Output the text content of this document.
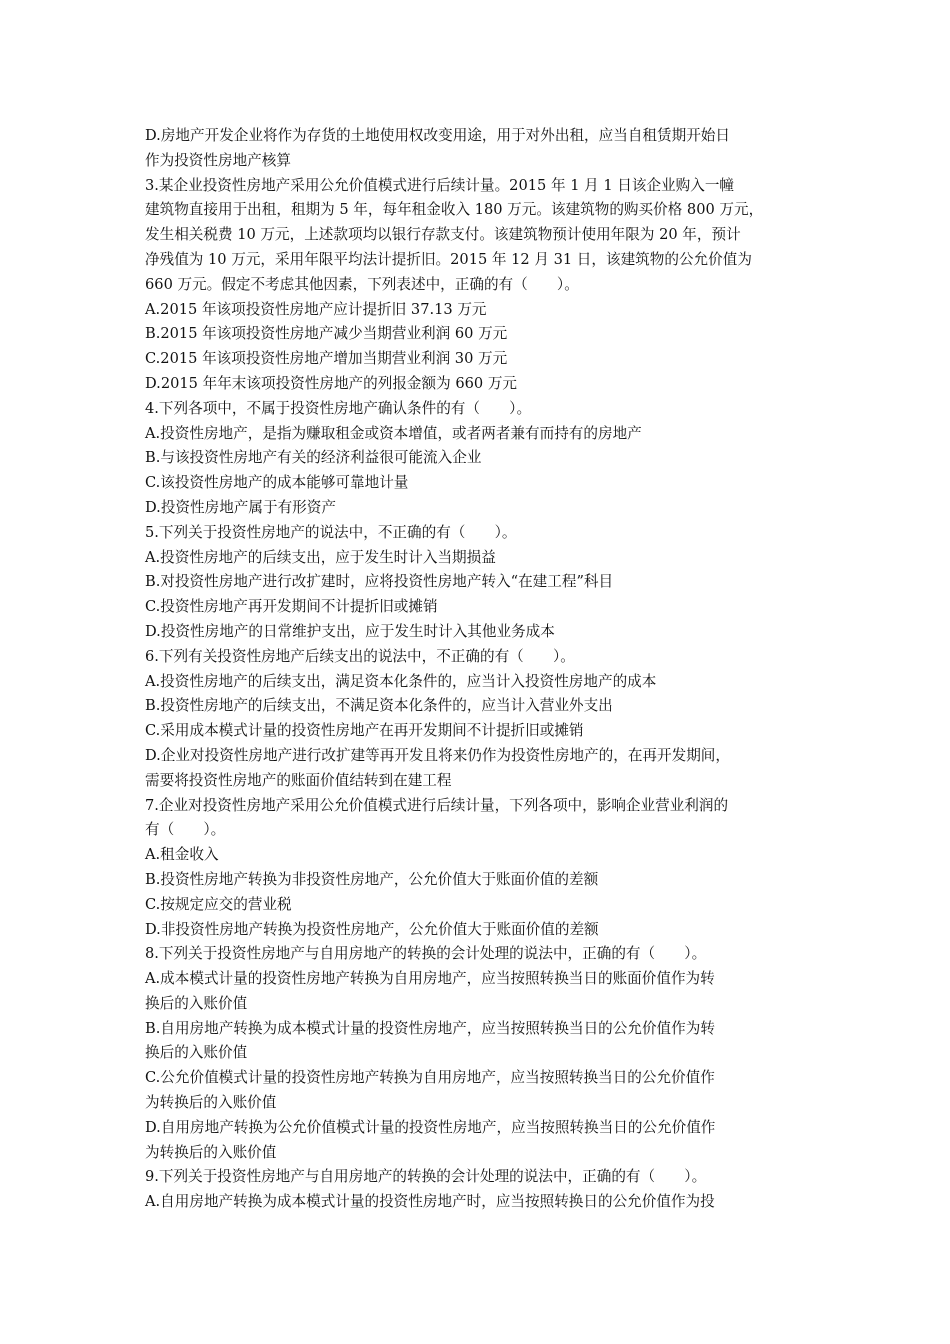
D.房地产开发企业将作为存货的土地使用权改变用途，用于对外出租，应当自租赁期开始日
作为投资性房地产核算
3.某企业投资性房地产采用公允价值模式进行后续计量。2015 年 1 月 1 日该企业购入一幢
建筑物直接用于出租，租期为 5 年，每年租金收入 180 万元。该建筑物的购买价格 800 万元，
发生相关税费 10 万元，上述款项均以银行存款支付。该建筑物预计使用年限为 20 年，预计
净残值为 10 万元，采用年限平均法计提折旧。2015 年 12 月 31 日，该建筑物的公允价值为
660 万元。假定不考虑其他因素，下列表述中，正确的有（　　）。
A.2015 年该项投资性房地产应计提折旧 37.13 万元
B.2015 年该项投资性房地产减少当期营业利润 60 万元
C.2015 年该项投资性房地产增加当期营业利润 30 万元
D.2015 年年末该项投资性房地产的列报金额为 660 万元
4.下列各项中，不属于投资性房地产确认条件的有（　　）。
A.投资性房地产，是指为赚取租金或资本增值，或者两者兼有而持有的房地产
B.与该投资性房地产有关的经济利益很可能流入企业
C.该投资性房地产的成本能够可靠地计量
D.投资性房地产属于有形资产
5.下列关于投资性房地产的说法中，不正确的有（　　）。
A.投资性房地产的后续支出，应于发生时计入当期损益
B.对投资性房地产进行改扩建时，应将投资性房地产转入“在建工程”科目
C.投资性房地产再开发期间不计提折旧或摊销
D.投资性房地产的日常维护支出，应于发生时计入其他业务成本
6.下列有关投资性房地产后续支出的说法中，不正确的有（　　）。
A.投资性房地产的后续支出，满足资本化条件的，应当计入投资性房地产的成本
B.投资性房地产的后续支出，不满足资本化条件的，应当计入营业外支出
C.采用成本模式计量的投资性房地产在再开发期间不计提折旧或摊销
D.企业对投资性房地产进行改扩建等再开发且将来仍作为投资性房地产的，在再开发期间，
需要将投资性房地产的账面价值结转到在建工程
7.企业对投资性房地产采用公允价值模式进行后续计量，下列各项中，影响企业营业利润的
有（　　）。
A.租金收入
B.投资性房地产转换为非投资性房地产，公允价值大于账面价值的差额
C.按规定应交的营业税
D.非投资性房地产转换为投资性房地产，公允价值大于账面价值的差额
8.下列关于投资性房地产与自用房地产的转换的会计处理的说法中，正确的有（　　）。
A.成本模式计量的投资性房地产转换为自用房地产，应当按照转换当日的账面价值作为转
换后的入账价值
B.自用房地产转换为成本模式计量的投资性房地产，应当按照转换当日的公允价值作为转
换后的入账价值
C.公允价值模式计量的投资性房地产转换为自用房地产，应当按照转换当日的公允价值作
为转换后的入账价值
D.自用房地产转换为公允价值模式计量的投资性房地产，应当按照转换当日的公允价值作
为转换后的入账价值
9.下列关于投资性房地产与自用房地产的转换的会计处理的说法中，正确的有（　　）。
A.自用房地产转换为成本模式计量的投资性房地产时，应当按照转换日的公允价值作为投
